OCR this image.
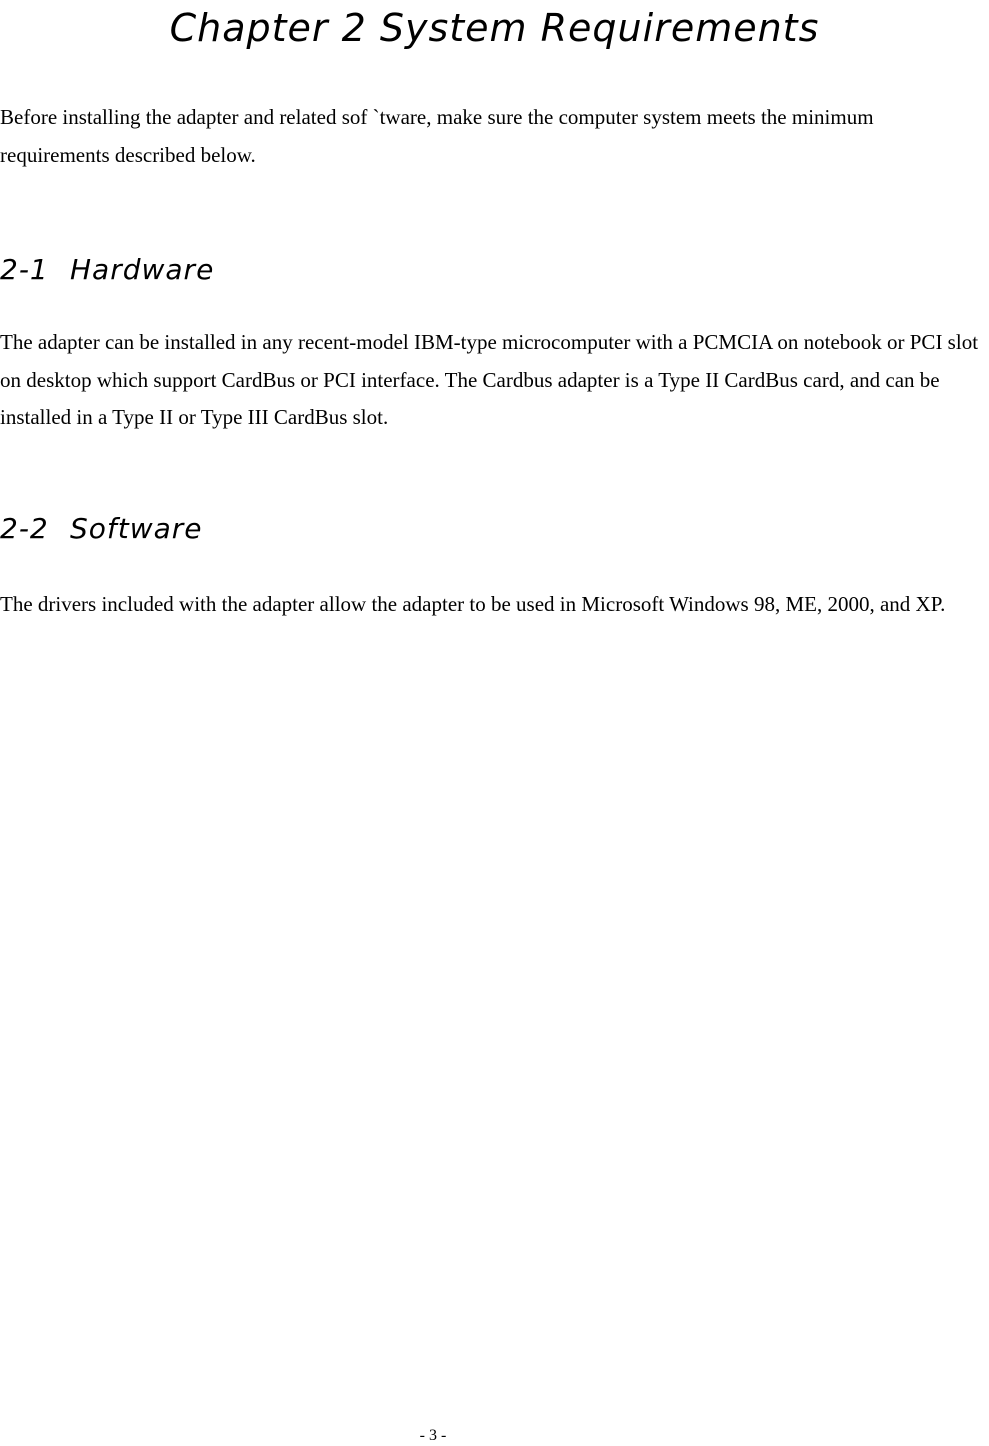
Chapter 2 System Requirements

Before installing the adapter and related sof `tware, make sure the computer system meets the minimum requirements described below.

2-1 Hardware

The adapter can be installed in any recent-model IBM-type microcomputer with a PCMCIA on notebook or PCI slot on desktop which support CardBus or PCI interface. The Cardbus adapter is a Type II CardBus card, and can be installed in a Type II or Type III CardBus slot.

2-2 Software

The drivers included with the adapter allow the adapter to be used in Microsoft Windows 98, ME, 2000, and XP.

- 3 -
